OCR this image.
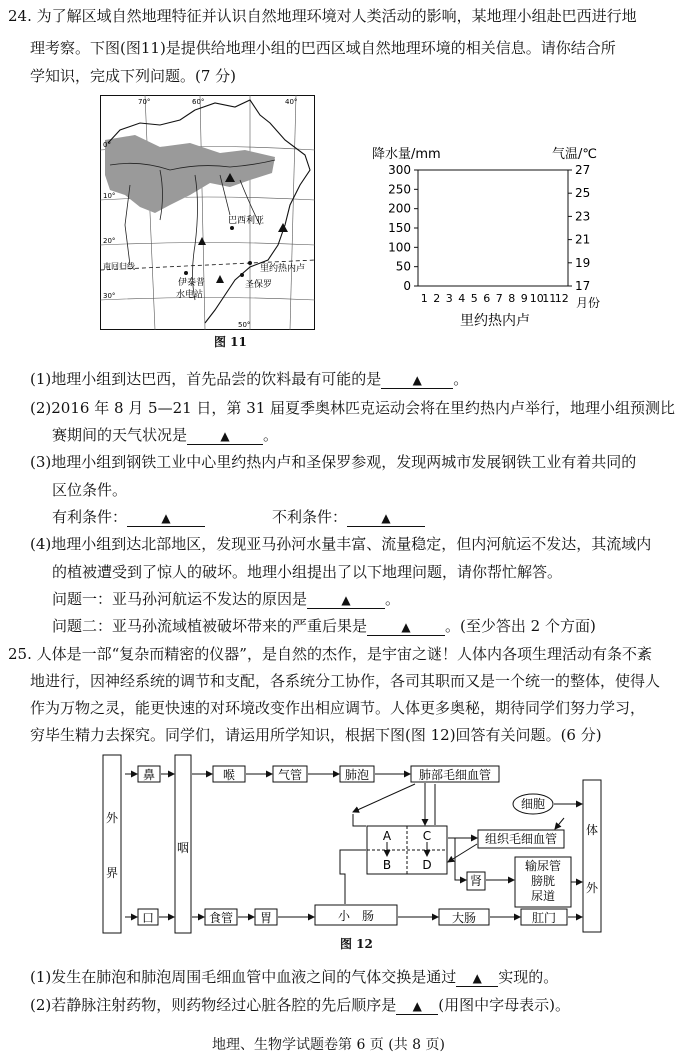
24. 为了解区域自然地理特征并认识自然地理环境对人类活动的影响，某地理小组赴巴西进行地
理考察。下图(图11)是提供给地理小组的巴西区域自然地理环境的相关信息。请你结合所
学知识，完成下列问题。(7 分)
巴西利亚
南回归线
伊泰普
水电站
里约热内卢
圣保罗
70°	60°
50°
40°
0°
10°
20°
30°
降水量/mm	气温/℃
300
250
200
150
100
50
0
27
25
23
21
19
17
1 2 3 4 5 6 7 8 9 10
11
12 月份
里约热内卢
图 11
(1)地理小组到达巴西，首先品尝的饮料最有可能的是	▲ 。
(2)2016 年 8 月 5—21 日，第 31 届夏季奥林匹克运动会将在里约热内卢举行，地理小组预测比
赛期间的天气状况是	▲ 。
(3)地理小组到钢铁工业中心里约热内卢和圣保罗参观，发现两城市发展钢铁工业有着共同的
区位条件。
有利条件：	▲	不利条件：	▲
(4)地理小组到达北部地区，发现亚马孙河水量丰富、流量稳定，但内河航运不发达，其流域内
的植被遭受到了惊人的破坏。地理小组提出了以下地理问题，请你帮忙解答。
问题一：亚马孙河航运不发达的原因是	▲ 。
问题二：亚马孙流域植被破坏带来的严重后果是	▲ 。(至少答出 2 个方面)
25. 人体是一部“复杂而精密的仪器”，是自然的杰作，是宇宙之谜！人体内各项生理活动有条不紊
地进行，因神经系统的调节和支配，各系统分工协作，各司其职而又是一个统一的整体，使得人
作为万物之灵，能更快速的对环境改变作出相应调节。人体更多奥秘，期待同学们努力学习，
穷毕生精力去探究。同学们，请运用所学知识，根据下图(图 12)回答有关问题。(6 分)
外
界
咽
体
外
鼻	喉	气管	肺泡	肺部毛细血管
细胞
组织毛细血管
A
B
C
D
肾
输尿管
膀胱
尿道
口	食管 胃	小　肠	大肠	肛门
图 12
(1)发生在肺泡和肺泡周围毛细血管中血液之间的气体交换是通过 ▲ 实现的。
(2)若静脉注射药物，则药物经过心脏各腔的先后顺序是 ▲ (用图中字母表示)。
地理、生物学试题卷第 6 页 (共 8 页)
